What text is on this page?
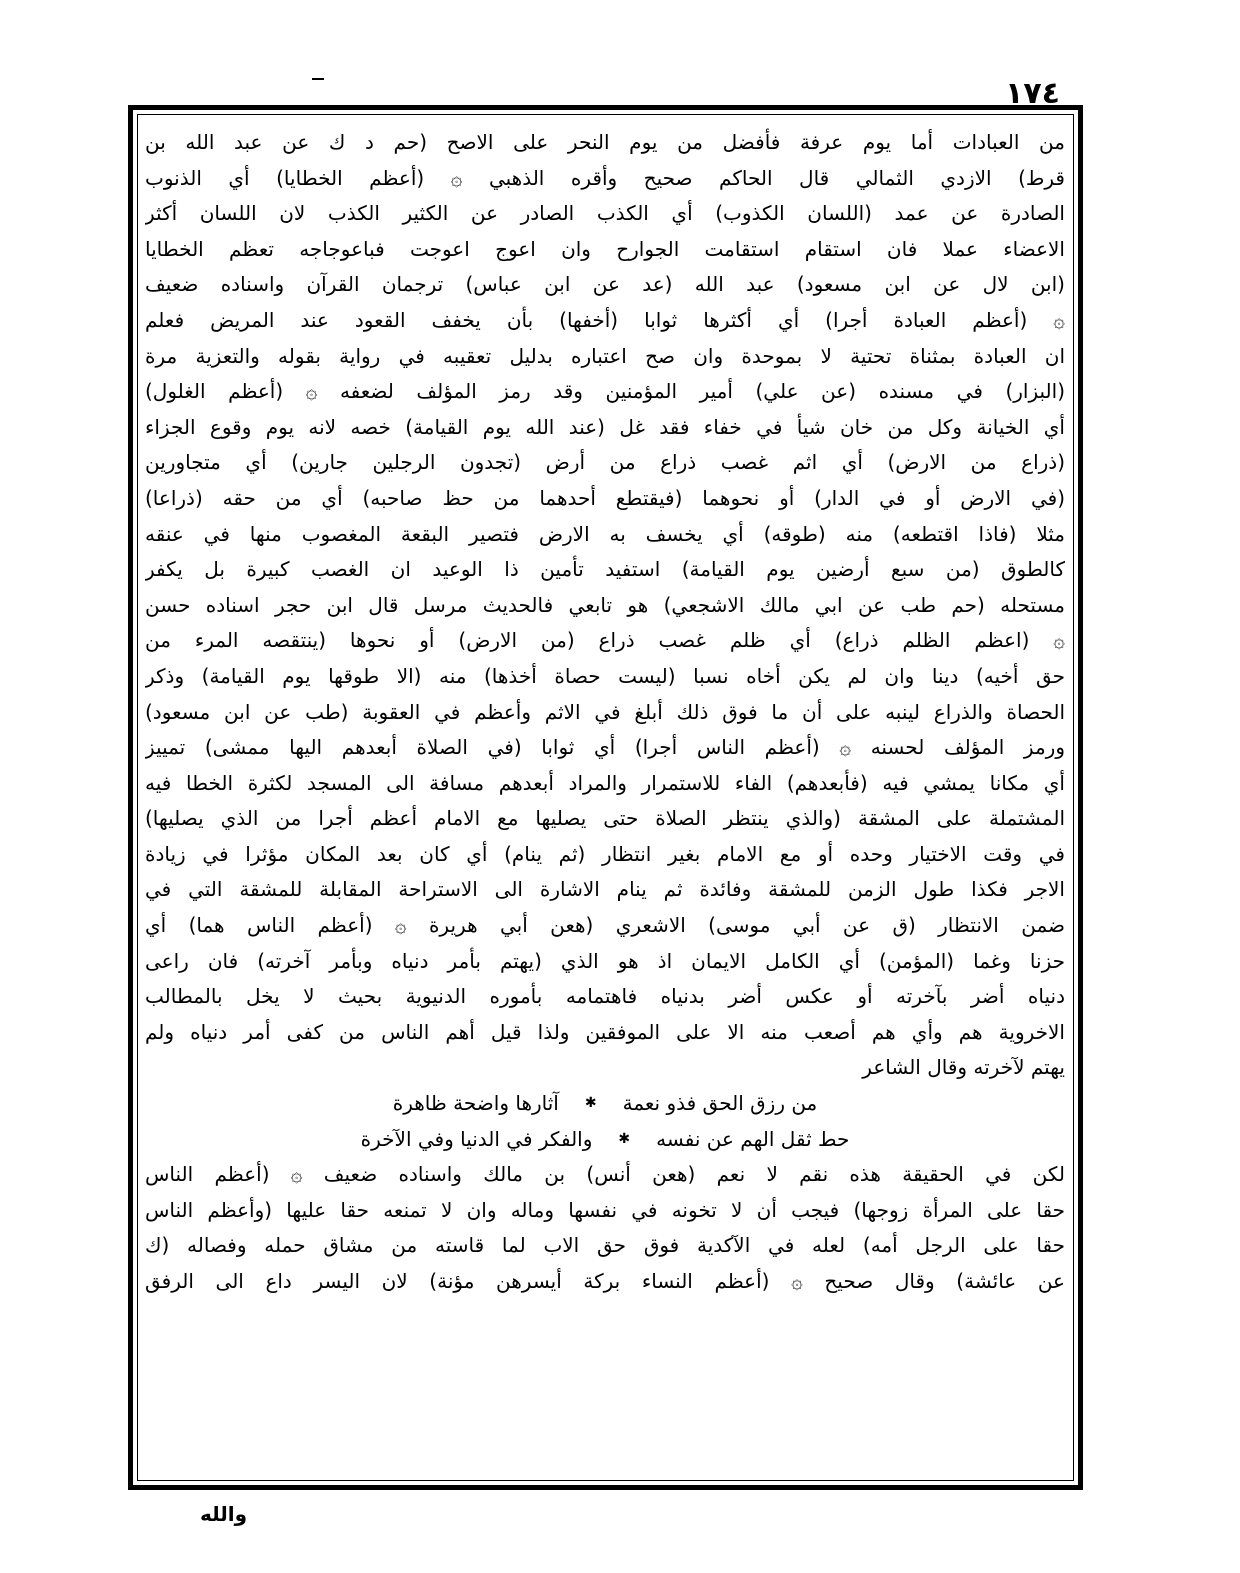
١٧٤
من العبادات أما يوم عرفة فأفضل من يوم النحر على الاصح (حم د ك عن عبد الله بن
قرط) الازدي الثمالي قال الحاكم صحيح وأقره الذهبي ۞ (أعظم الخطايا) أي الذنوب
الصادرة عن عمد (اللسان الكذوب) أي الكذب الصادر عن الكثير الكذب لان اللسان أكثر
الاعضاء عملا فان استقام استقامت الجوارح وان اعوج اعوجت فباعوجاجه تعظم الخطايا
(ابن لال عن ابن مسعود) عبد الله (عد عن ابن عباس) ترجمان القرآن واسناده ضعيف
۞ (أعظم العبادة أجرا) أي أكثرها ثوابا (أخفها) بأن يخفف القعود عند المريض فعلم
ان العبادة بمثناة تحتية لا بموحدة وان صح اعتباره بدليل تعقيبه في رواية بقوله والتعزية مرة
(البزار) في مسنده (عن علي) أمير المؤمنين وقد رمز المؤلف لضعفه ۞ (أعظم الغلول)
أي الخيانة وكل من خان شيأ في خفاء فقد غل (عند الله يوم القيامة) خصه لانه يوم وقوع الجزاء
(ذراع من الارض) أي اثم غصب ذراع من أرض (تجدون الرجلين جارين) أي متجاورين
(في الارض أو في الدار) أو نحوهما (فيقتطع أحدهما من حظ صاحبه) أي من حقه (ذراعا)
مثلا (فاذا اقتطعه) منه (طوقه) أي يخسف به الارض فتصير البقعة المغصوب منها في عنقه
كالطوق (من سبع أرضين يوم القيامة) استفيد تأمين ذا الوعيد ان الغصب كبيرة بل يكفر
مستحله (حم طب عن ابي مالك الاشجعي) هو تابعي فالحديث مرسل قال ابن حجر اسناده حسن
۞ (اعظم الظلم ذراع) أي ظلم غصب ذراع (من الارض) أو نحوها (ينتقصه المرء من
حق أخيه) دينا وان لم يكن أخاه نسبا (ليست حصاة أخذها) منه (الا طوقها يوم القيامة) وذكر
الحصاة والذراع لينبه على أن ما فوق ذلك أبلغ في الاثم وأعظم في العقوبة (طب عن ابن مسعود)
ورمز المؤلف لحسنه ۞ (أعظم الناس أجرا) أي ثوابا (في الصلاة أبعدهم اليها ممشى) تمييز
أي مكانا يمشي فيه (فأبعدهم) الفاء للاستمرار والمراد أبعدهم مسافة الى المسجد لكثرة الخطا فيه
المشتملة على المشقة (والذي ينتظر الصلاة حتى يصليها مع الامام أعظم أجرا من الذي يصليها)
في وقت الاختيار وحده أو مع الامام بغير انتظار (ثم ينام) أي كان بعد المكان مؤثرا في زيادة
الاجر فكذا طول الزمن للمشقة وفائدة ثم ينام الاشارة الى الاستراحة المقابلة للمشقة التي في
ضمن الانتظار (ق عن أبي موسى) الاشعري (هعن أبي هريرة ۞ (أعظم الناس هما) أي
حزنا وغما (المؤمن) أي الكامل الايمان اذ هو الذي (يهتم بأمر دنياه وبأمر آخرته) فان راعى
دنياه أضر بآخرته أو عكس أضر بدنياه فاهتمامه بأموره الدنيوية بحيث لا يخل بالمطالب
الاخروية هم وأي هم أصعب منه الا على الموفقين ولذا قيل أهم الناس من كفى أمر دنياه ولم
يهتم لآخرته وقال الشاعر
من رزق الحق فذو نعمة
✱
آثارها واضحة ظاهرة
حط ثقل الهم عن نفسه
✱
والفكر في الدنيا وفي الآخرة
لكن في الحقيقة هذه نقم لا نعم (هعن أنس) بن مالك واسناده ضعيف ۞ (أعظم الناس
حقا على المرأة زوجها) فيجب أن لا تخونه في نفسها وماله وان لا تمنعه حقا عليها (وأعظم الناس
حقا على الرجل أمه) لعله في الآكدية فوق حق الاب لما قاسته من مشاق حمله وفصاله (ك
عن عائشة) وقال صحيح ۞ (أعظم النساء بركة أيسرهن مؤنة) لان اليسر داع الى الرفق
والله
